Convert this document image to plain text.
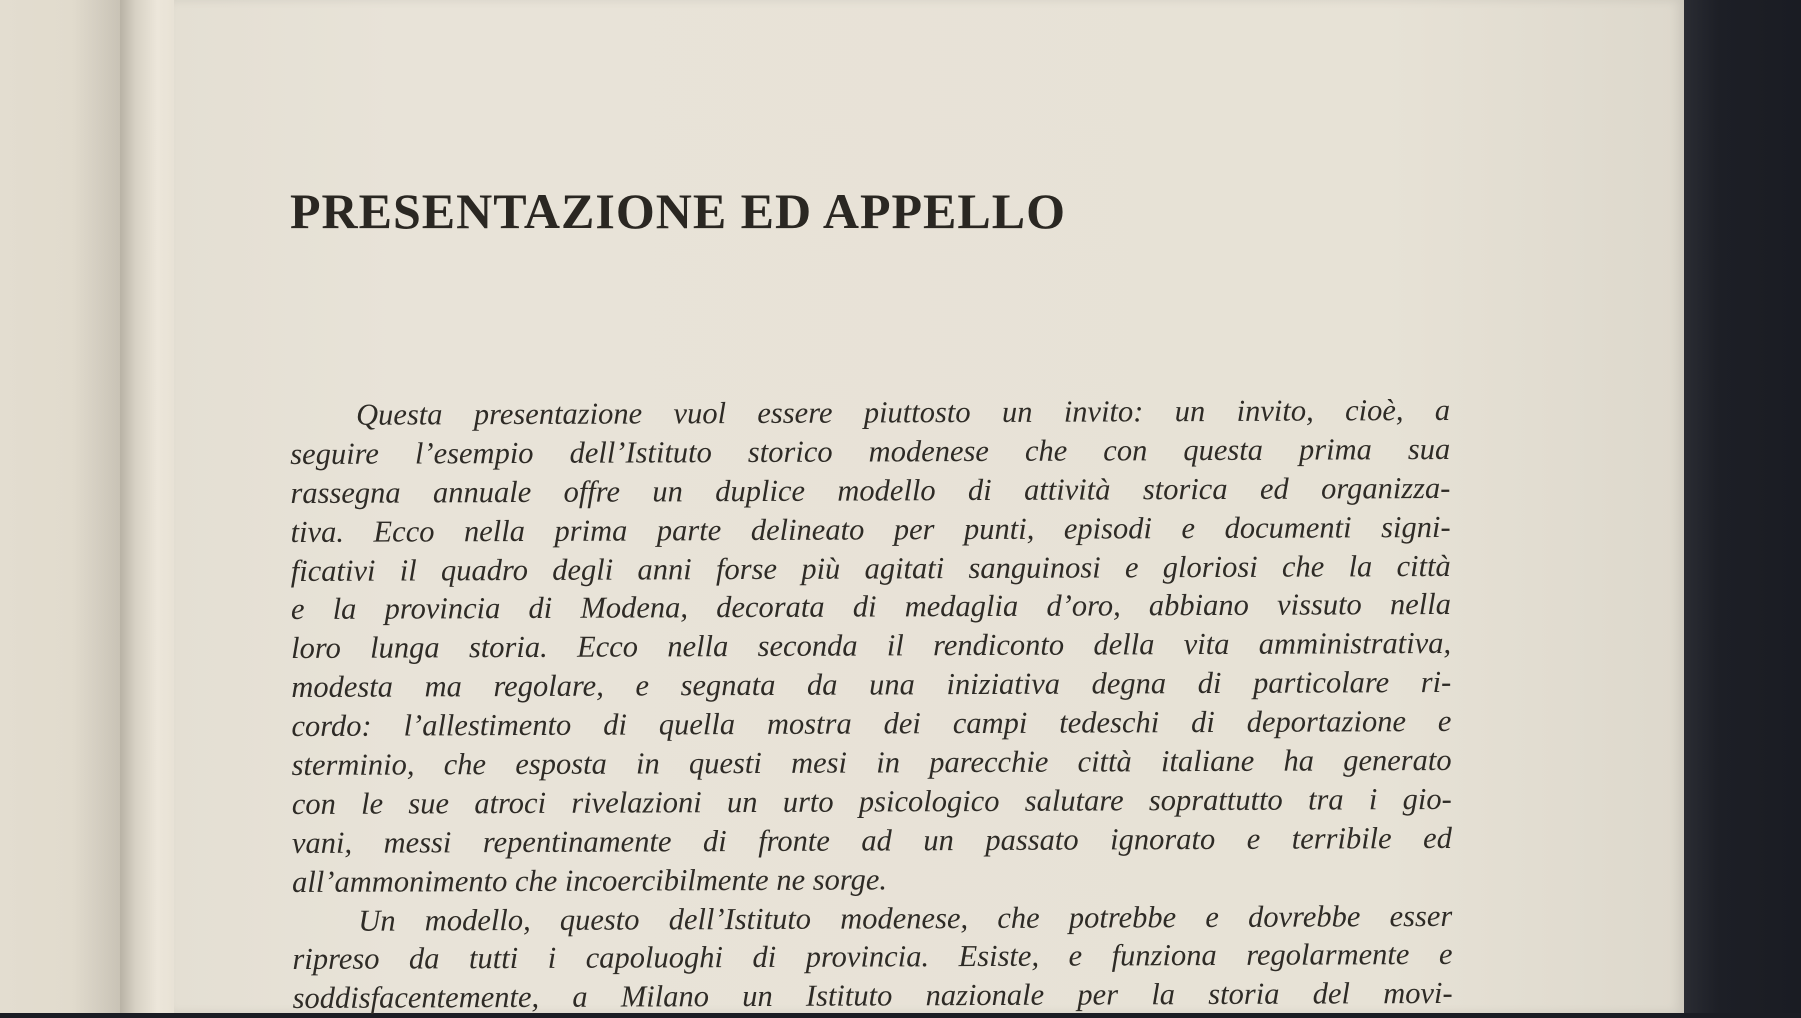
PRESENTAZIONE ED APPELLO
Questa presentazione vuol essere piuttosto un invito: un invito, cioè, a
seguire l’esempio dell’Istituto storico modenese che con questa prima sua
rassegna annuale offre un duplice modello di attività storica ed organizza-
tiva. Ecco nella prima parte delineato per punti, episodi e documenti signi-
ficativi il quadro degli anni forse più agitati sanguinosi e gloriosi che la città
e la provincia di Modena, decorata di medaglia d’oro, abbiano vissuto nella
loro lunga storia. Ecco nella seconda il rendiconto della vita amministrativa,
modesta ma regolare, e segnata da una iniziativa degna di particolare ri-
cordo: l’allestimento di quella mostra dei campi tedeschi di deportazione e
sterminio, che esposta in questi mesi in parecchie città italiane ha generato
con le sue atroci rivelazioni un urto psicologico salutare soprattutto tra i gio-
vani, messi repentinamente di fronte ad un passato ignorato e terribile ed
all’ammonimento che incoercibilmente ne sorge.
Un modello, questo dell’Istituto modenese, che potrebbe e dovrebbe esser
ripreso da tutti i capoluoghi di provincia. Esiste, e funziona regolarmente e
soddisfacentemente, a Milano un Istituto nazionale per la storia del movi-
